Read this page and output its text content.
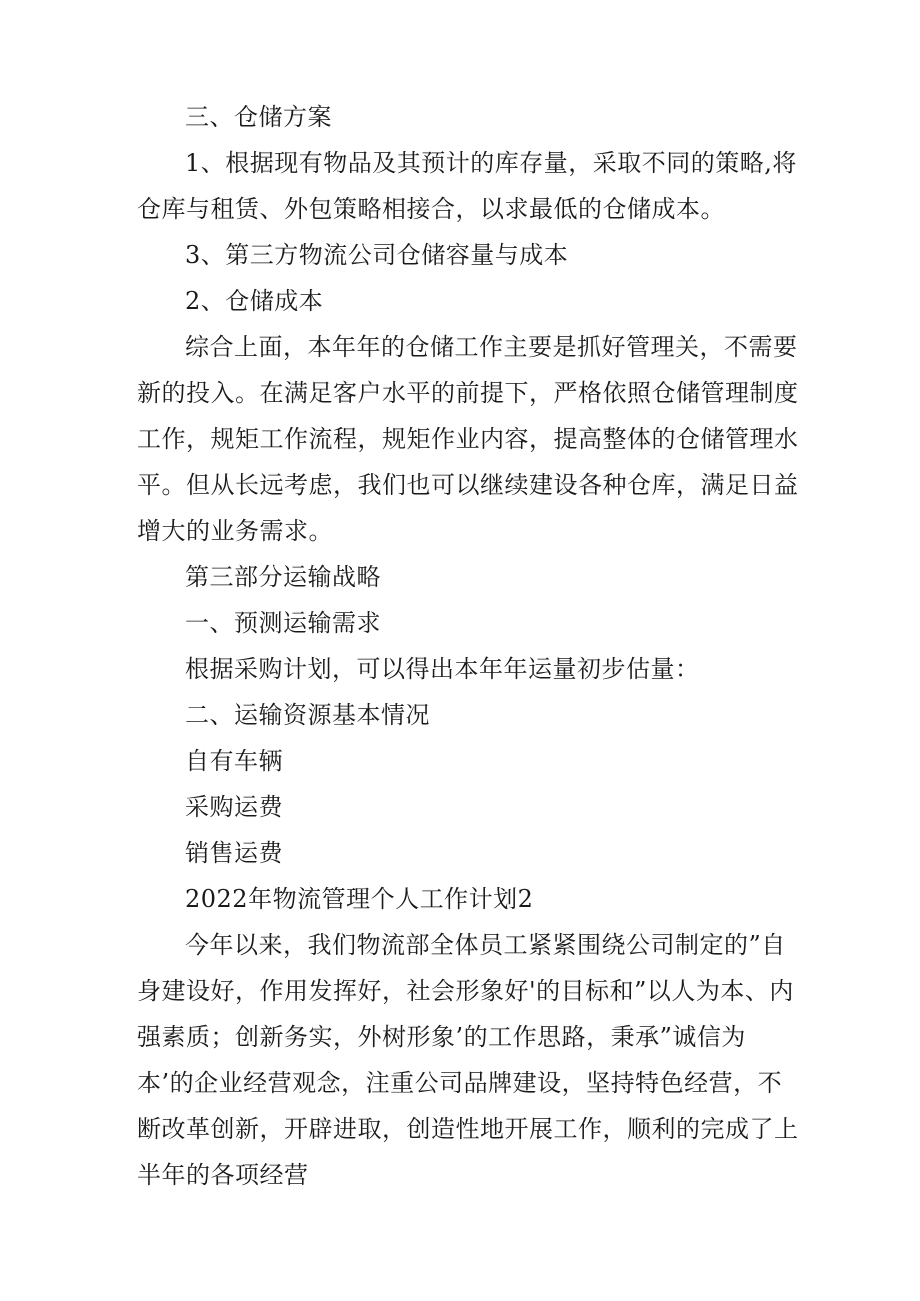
三、仓储方案

1、根据现有物品及其预计的库存量，采取不同的策略,将仓库与租赁、外包策略相接合，以求最低的仓储成本。

3、第三方物流公司仓储容量与成本

2、仓储成本

综合上面，本年年的仓储工作主要是抓好管理关，不需要新的投入。在满足客户水平的前提下，严格依照仓储管理制度工作，规矩工作流程，规矩作业内容，提高整体的仓储管理水平。但从长远考虑，我们也可以继续建设各种仓库，满足日益增大的业务需求。

第三部分运输战略

一、预测运输需求

根据采购计划，可以得出本年年运量初步估量：

二、运输资源基本情况

自有车辆

采购运费

销售运费

2022年物流管理个人工作计划2

今年以来，我们物流部全体员工紧紧围绕公司制定的”自身建设好，作用发挥好，社会形象好'的目标和”以人为本、内强素质；创新务实，外树形象’的工作思路，秉承”诚信为本’的企业经营观念，注重公司品牌建设，坚持特色经营，不断改革创新，开辟进取，创造性地开展工作，顺利的完成了上半年的各项经营
